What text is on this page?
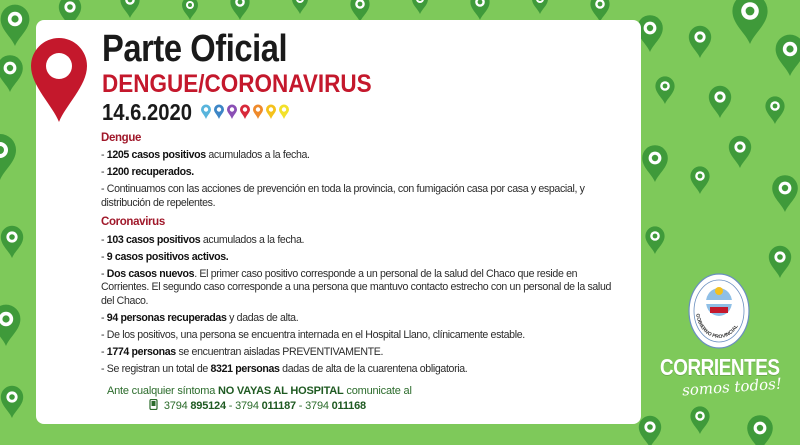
Parte Oficial
DENGUE/CORONAVIRUS
14.6.2020
Dengue
- 1205 casos positivos acumulados a la fecha.
- 1200 recuperados.
- Continuamos con las acciones de prevención en toda la provincia, con fumigación casa por casa y espacial, y distribución de repelentes.
Coronavirus
- 103 casos positivos acumulados a la fecha.
- 9 casos positivos activos.
- Dos casos nuevos. El primer caso positivo corresponde a un personal de la salud del Chaco que reside en Corrientes. El segundo caso corresponde a una persona que mantuvo contacto estrecho con un personal de la salud del Chaco.
- 94 personas recuperadas y dadas de alta.
- De los positivos, una persona se encuentra internada en el Hospital Llano, clínicamente estable.
- 1774 personas se encuentran aisladas PREVENTIVAMENTE.
- Se registran un total de 8321 personas dadas de alta de la cuarentena obligatoria.
Ante cualquier síntoma NO VAYAS AL HOSPITAL comunicate al
3794 895124 - 3794 011187 - 3794 011168
GOBIERNO PROVINCIAL
CORRIENTES
somos todos!
